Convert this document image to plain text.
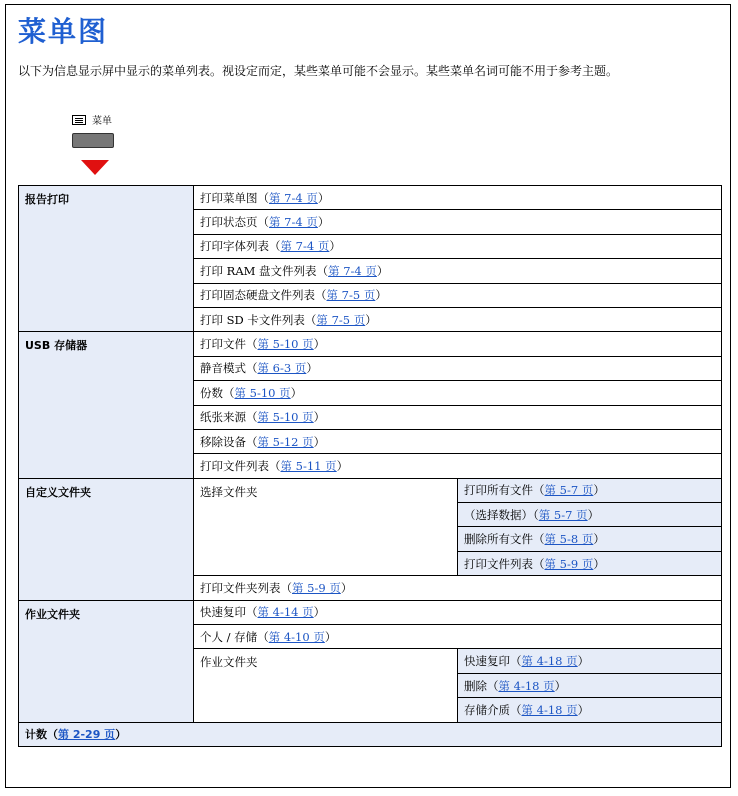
菜单图

以下为信息显示屏中显示的菜单列表。视设定而定，某些菜单可能不会显示。某些菜单名词可能不用于参考主题。

菜单
报告打印	打印菜单图（第 7-4 页）	
	打印状态页（第 7-4 页）	
	打印字体列表（第 7-4 页）	
	打印 RAM 盘文件列表（第 7-4 页）	
	打印固态硬盘文件列表（第 7-5 页）	
	打印 SD 卡文件列表（第 7-5 页）	
USB 存储器	打印文件（第 5-10 页）	
	静音模式（第 6-3 页）	
	份数（第 5-10 页）	
	纸张来源（第 5-10 页）	
	移除设备（第 5-12 页）	
	打印文件列表（第 5-11 页）	
自定义文件夹	选择文件夹	打印所有文件（第 5-7 页）
		（选择数据）（第 5-7 页）
		删除所有文件（第 5-8 页）
		打印文件列表（第 5-9 页）
	打印文件夹列表（第 5-9 页）	
作业文件夹	快速复印（第 4-14 页）	
	个人 / 存储（第 4-10 页）	
	作业文件夹	快速复印（第 4-18 页）
		删除（第 4-18 页）
		存储介质（第 4-18 页）
计数（第 2-29 页）		
